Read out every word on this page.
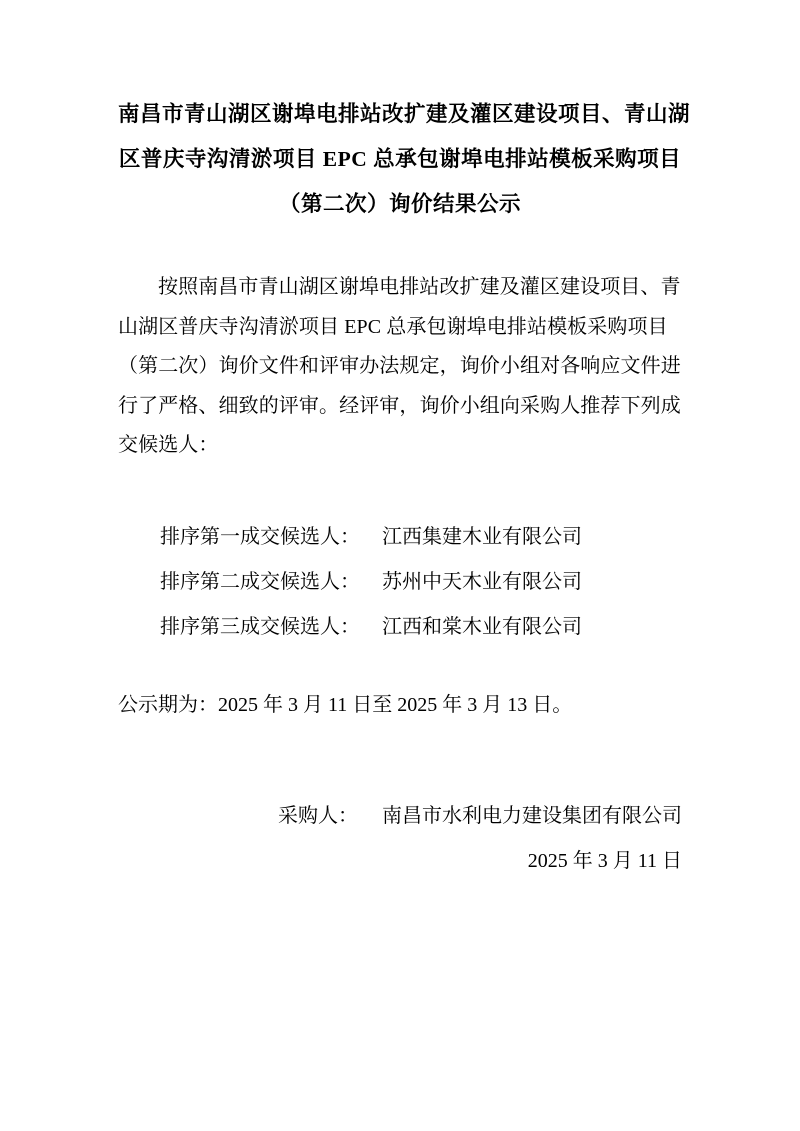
南昌市青山湖区谢埠电排站改扩建及灌区建设项目、青山湖
区普庆寺沟清淤项目 EPC 总承包谢埠电排站模板采购项目
（第二次）询价结果公示
按照南昌市青山湖区谢埠电排站改扩建及灌区建设项目、青
山湖区普庆寺沟清淤项目 EPC 总承包谢埠电排站模板采购项目
（第二次）询价文件和评审办法规定，询价小组对各响应文件进
行了严格、细致的评审。经评审，询价小组向采购人推荐下列成
交候选人：
排序第一成交候选人： 江西集建木业有限公司
排序第二成交候选人： 苏州中天木业有限公司
排序第三成交候选人： 江西和棠木业有限公司
公示期为：2025 年 3 月 11 日至 2025 年 3 月 13 日。
采购人： 南昌市水利电力建设集团有限公司
2025 年 3 月 11 日
